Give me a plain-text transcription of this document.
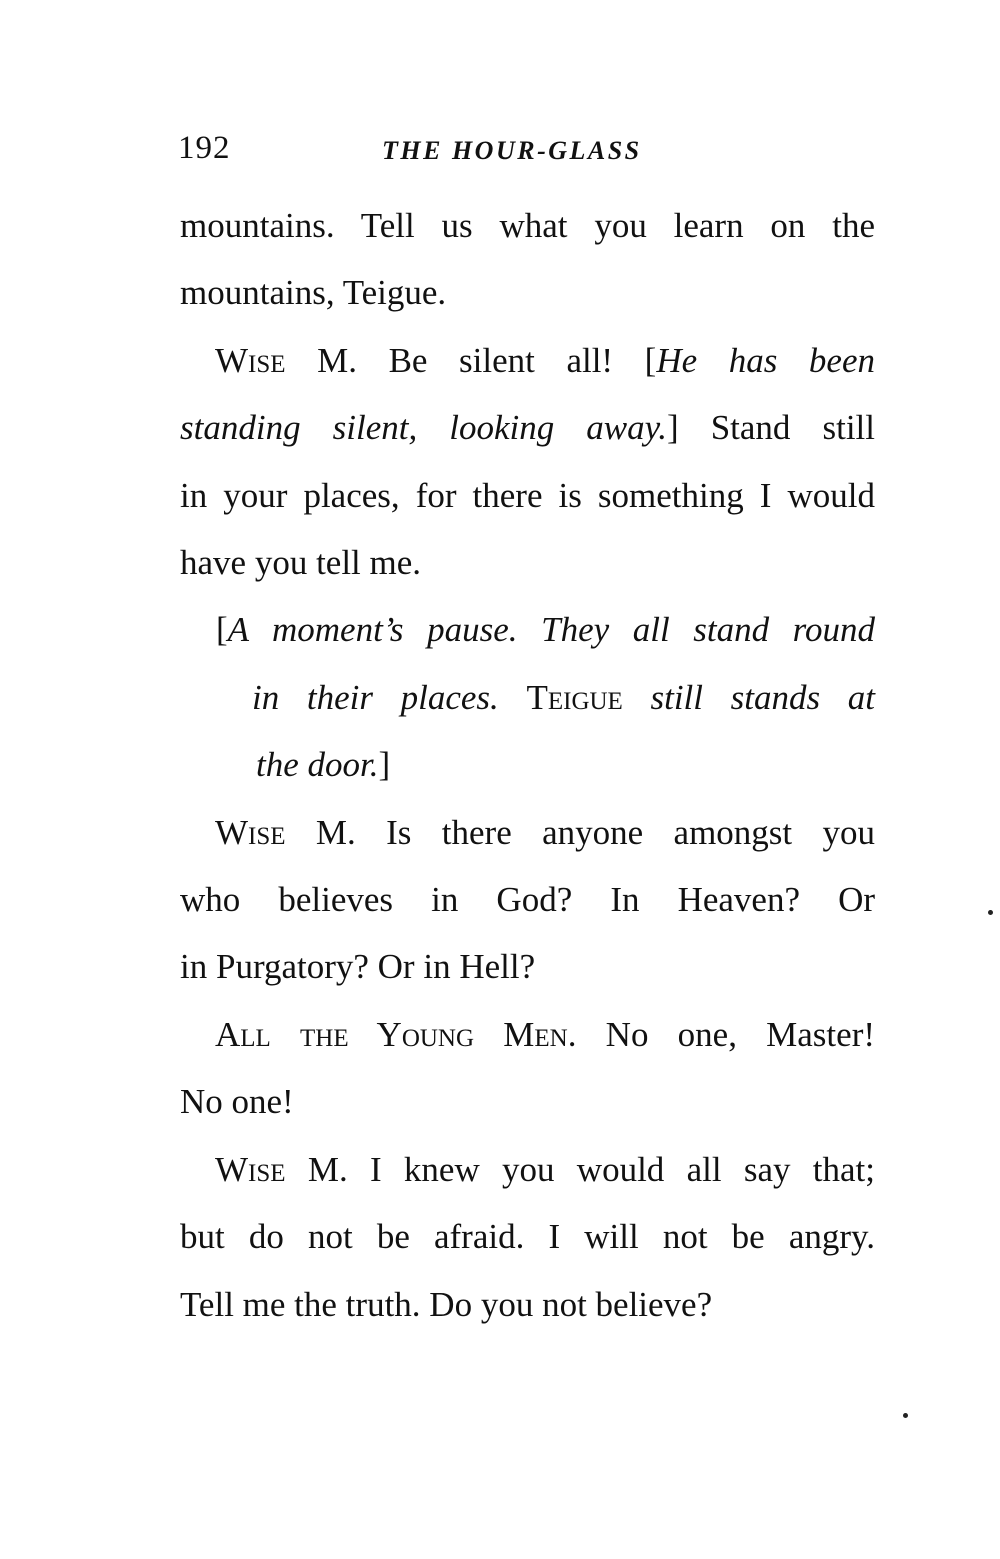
192	THE HOUR-GLASS

mountains. Tell us what you learn on the

mountains, Teigue.

Wise M. Be silent all! [He has been

standing silent, looking away.] Stand still

in your places, for there is something I would

have you tell me.

[A moment’s pause. They all stand round

in their places. Teigue still stands at

the door.]

Wise M. Is there anyone amongst you

who believes in God? In Heaven? Or

in Purgatory? Or in Hell?

All the Young Men. No one, Master!

No one!

Wise M. I knew you would all say that;

but do not be afraid. I will not be angry.

Tell me the truth. Do you not believe?
